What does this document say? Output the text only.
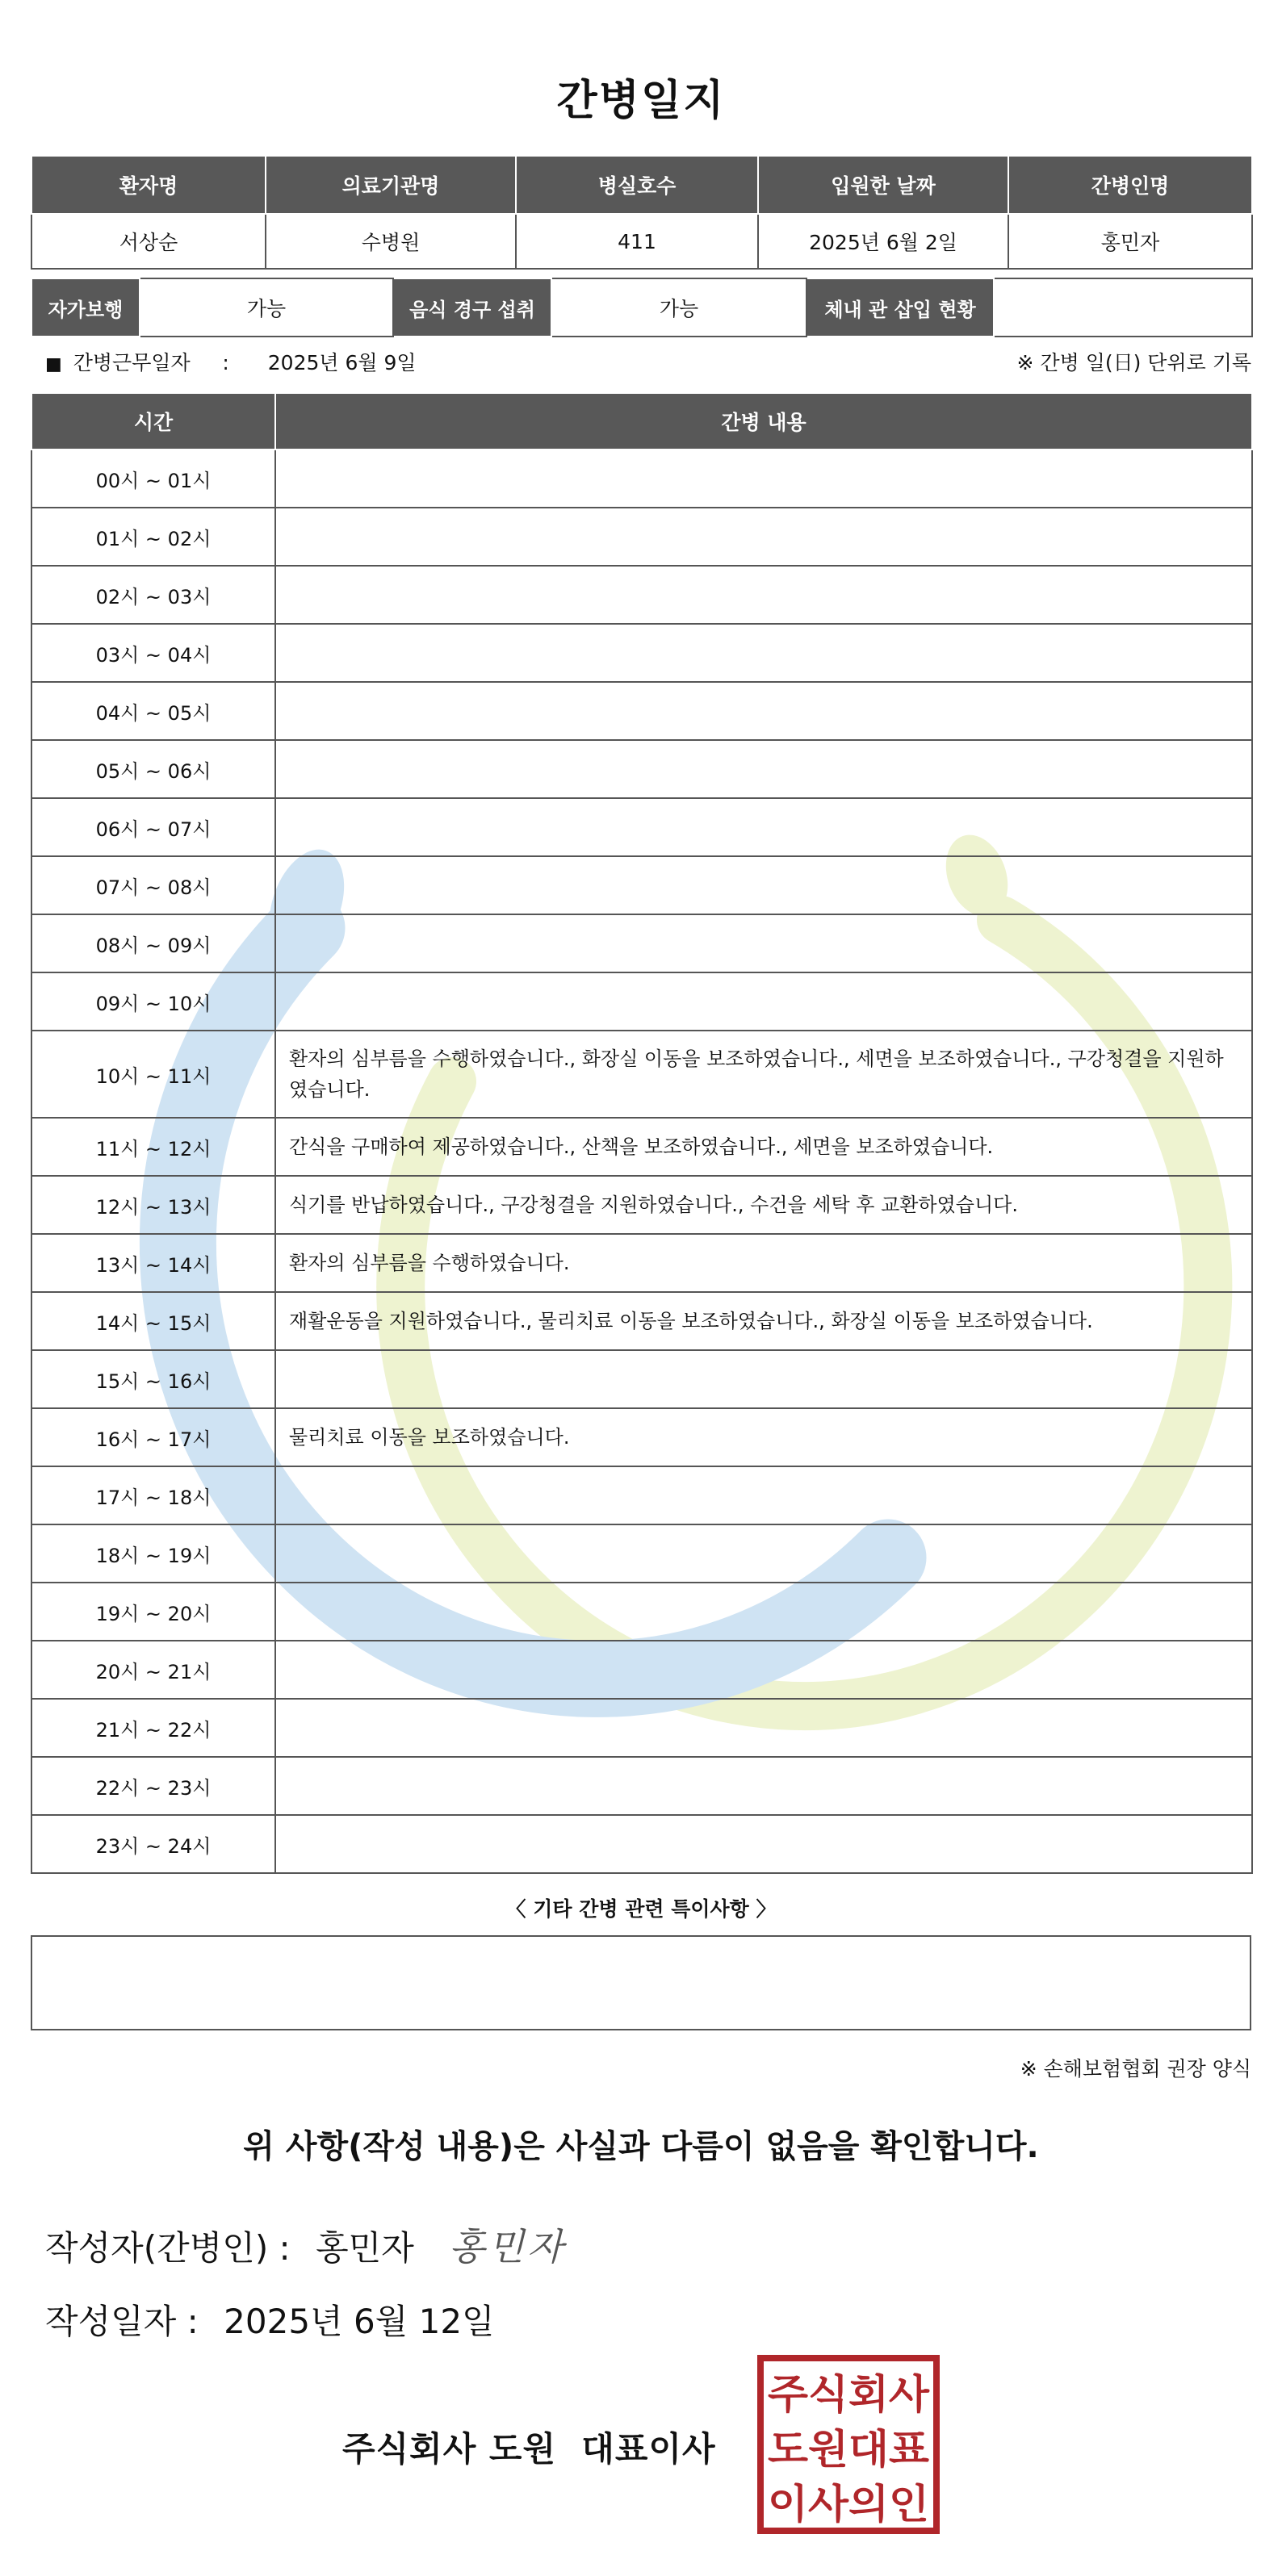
간병일지
환자명	의료기관명	병실호수	입원한 날짜	간병인명
서상순	수병원	411	2025년 6월 2일	홍민자
자가보행	가능	음식 경구 섭취	가능	체내 관 삽입 현황	
■ 간병근무일자 : 2025년 6월 9일	※ 간병 일(日) 단위로 기록
시간	간병 내용
00시 ~ 01시	
01시 ~ 02시	
02시 ~ 03시	
03시 ~ 04시	
04시 ~ 05시	
05시 ~ 06시	
06시 ~ 07시	
07시 ~ 08시	
08시 ~ 09시	
09시 ~ 10시	
10시 ~ 11시	환자의 심부름을 수행하였습니다., 화장실 이동을 보조하였습니다., 세면을 보조하였습니다., 구강청결을 지원하였습니다.
11시 ~ 12시	간식을 구매하여 제공하였습니다., 산책을 보조하였습니다., 세면을 보조하였습니다.
12시 ~ 13시	식기를 반납하였습니다., 구강청결을 지원하였습니다., 수건을 세탁 후 교환하였습니다.
13시 ~ 14시	환자의 심부름을 수행하였습니다.
14시 ~ 15시	재활운동을 지원하였습니다., 물리치료 이동을 보조하였습니다., 화장실 이동을 보조하였습니다.
15시 ~ 16시	
16시 ~ 17시	물리치료 이동을 보조하였습니다.
17시 ~ 18시	
18시 ~ 19시	
19시 ~ 20시	
20시 ~ 21시	
21시 ~ 22시	
22시 ~ 23시	
23시 ~ 24시	
〈 기타 간병 관련 특이사항 〉
※ 손해보험협회 권장 양식
위 사항(작성 내용)은 사실과 다름이 없음을 확인합니다.
작성자(간병인) : 홍민자 홍민자
작성일자 : 2025년 6월 12일
주식회사 도원  대표이사
주식회사
도원대표
이사의인
